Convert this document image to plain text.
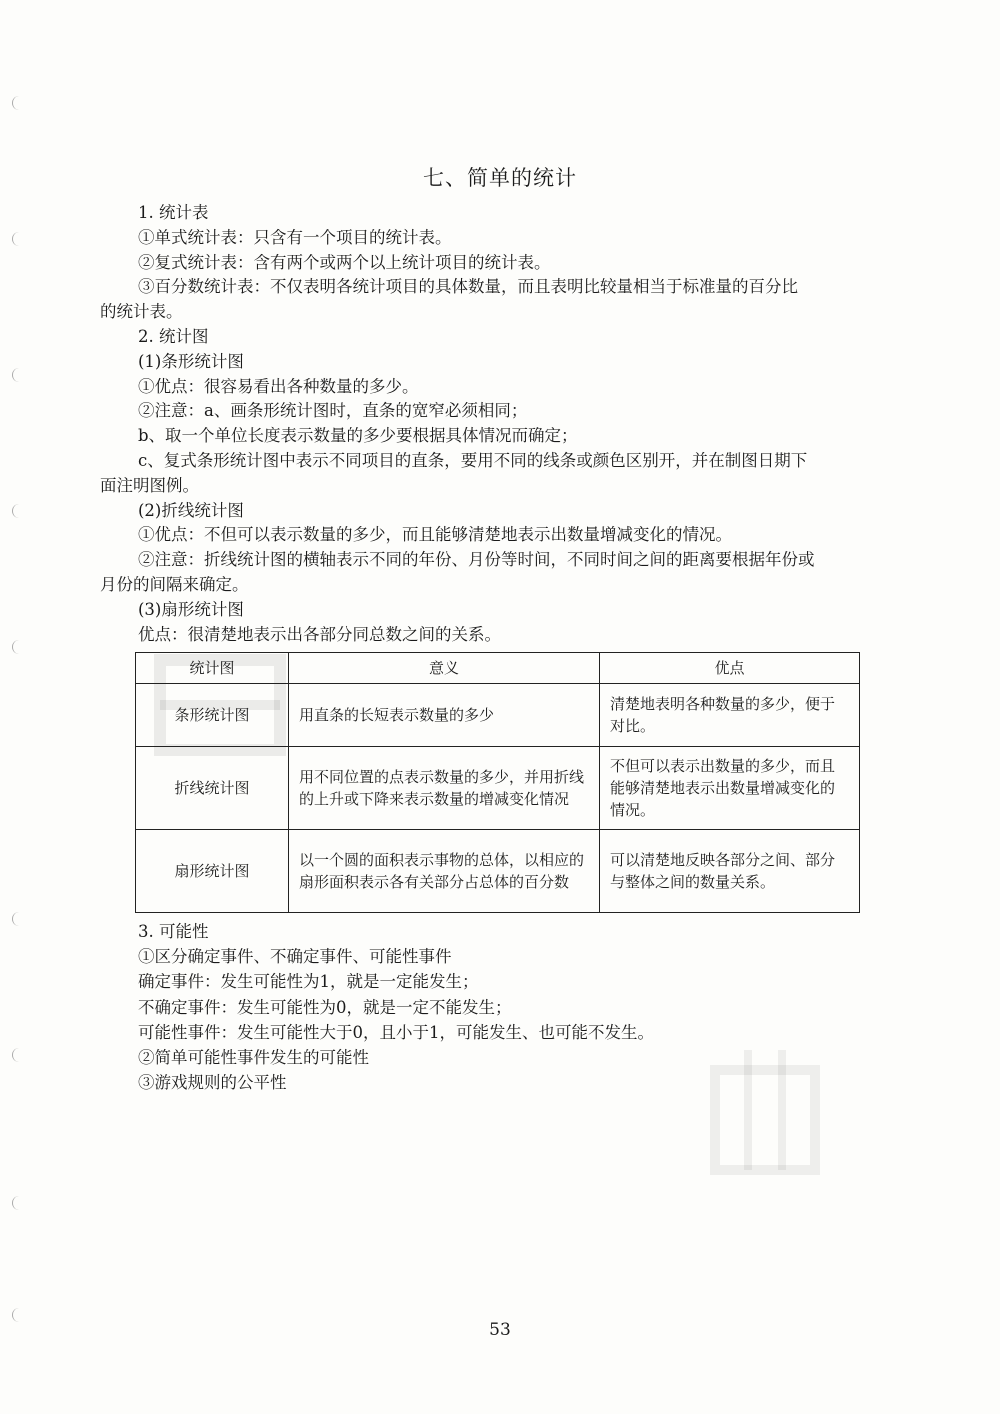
七、简单的统计
1. 统计表
①单式统计表：只含有一个项目的统计表。
②复式统计表：含有两个或两个以上统计项目的统计表。
③百分数统计表：不仅表明各统计项目的具体数量，而且表明比较量相当于标准量的百分比
的统计表。
2. 统计图
(1)条形统计图
①优点：很容易看出各种数量的多少。
②注意：a、画条形统计图时，直条的宽窄必须相同；
b、取一个单位长度表示数量的多少要根据具体情况而确定；
c、复式条形统计图中表示不同项目的直条，要用不同的线条或颜色区别开，并在制图日期下
面注明图例。
(2)折线统计图
①优点：不但可以表示数量的多少，而且能够清楚地表示出数量增减变化的情况。
②注意：折线统计图的横轴表示不同的年份、月份等时间，不同时间之间的距离要根据年份或
月份的间隔来确定。
(3)扇形统计图
优点：很清楚地表示出各部分同总数之间的关系。
统计图	意义	优点
条形统计图	用直条的长短表示数量的多少	清楚地表明各种数量的多少，便于对比。
折线统计图	用不同位置的点表示数量的多少，并用折线的上升或下降来表示数量的增减变化情况	不但可以表示出数量的多少，而且能够清楚地表示出数量增减变化的情况。
扇形统计图	以一个圆的面积表示事物的总体，以相应的扇形面积表示各有关部分占总体的百分数	可以清楚地反映各部分之间、部分与整体之间的数量关系。
3. 可能性
①区分确定事件、不确定事件、可能性事件
确定事件：发生可能性为1，就是一定能发生；
不确定事件：发生可能性为0，就是一定不能发生；
可能性事件：发生可能性大于0，且小于1，可能发生、也可能不发生。
②简单可能性事件发生的可能性
③游戏规则的公平性
53
